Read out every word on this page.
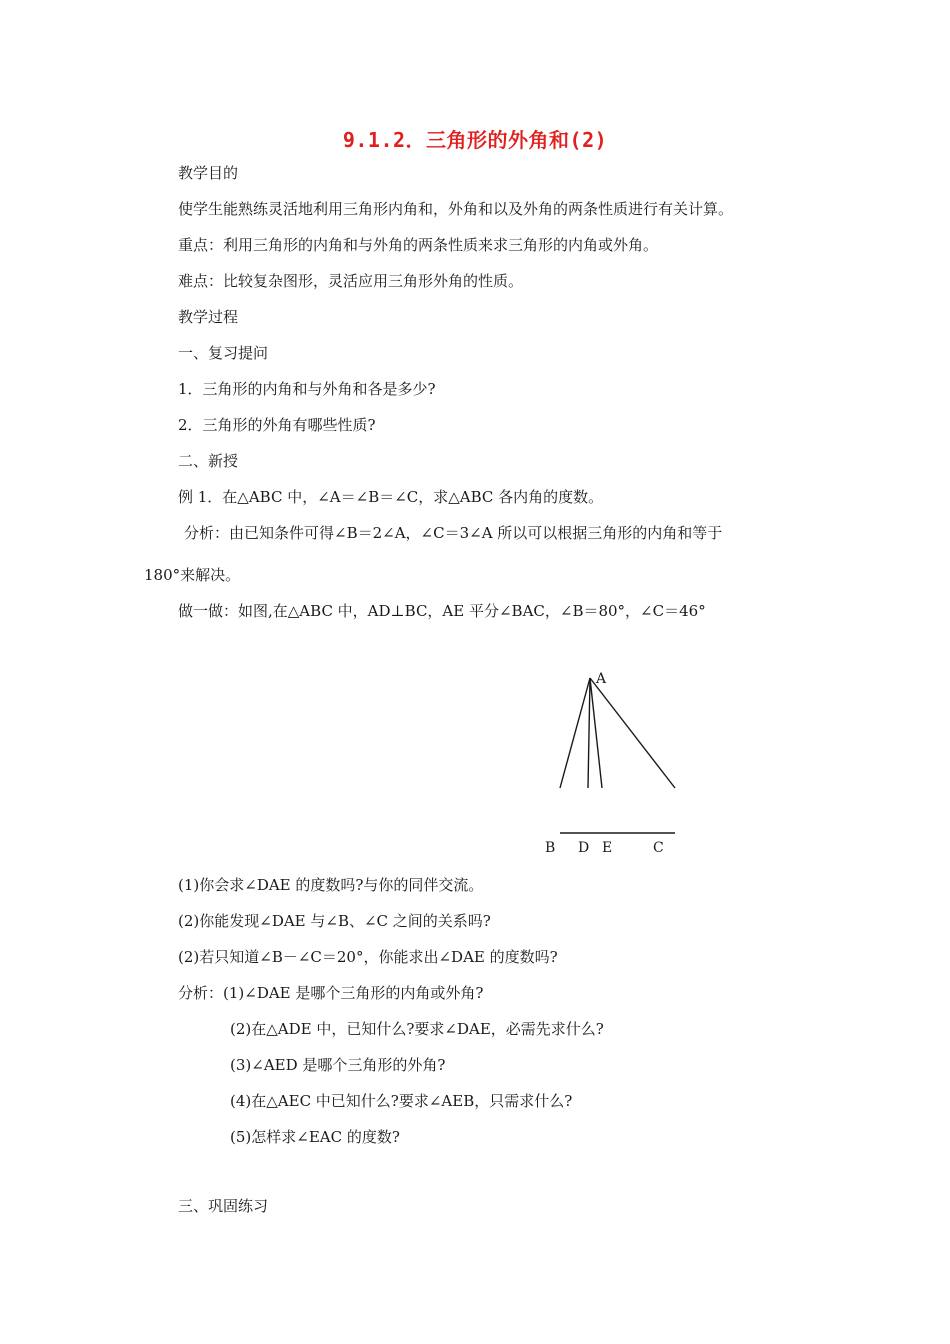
9.1.2．三角形的外角和(2)
教学目的
使学生能熟练灵活地利用三角形内角和，外角和以及外角的两条性质进行有关计算。
重点：利用三角形的内角和与外角的两条性质来求三角形的内角或外角。
难点：比较复杂图形，灵活应用三角形外角的性质。
教学过程
一、复习提问
1．三角形的内角和与外角和各是多少?
2．三角形的外角有哪些性质?
二、新授
例 1．在△ABC 中，∠A＝∠B＝∠C，求△ABC 各内角的度数。
分析：由已知条件可得∠B＝2∠A，∠C＝3∠A 所以可以根据三角形的内角和等于
180°来解决。
做一做：如图,在△ABC 中，AD⊥BC，AE 平分∠BAC，∠B＝80°，∠C＝46°
A
B D E	C
(1)你会求∠DAE 的度数吗?与你的同伴交流。
(2)你能发现∠DAE 与∠B、∠C 之间的关系吗?
(2)若只知道∠B－∠C＝20°，你能求出∠DAE 的度数吗?
分析：(1)∠DAE 是哪个三角形的内角或外角?
(2)在△ADE 中，已知什么?要求∠DAE，必需先求什么?
(3)∠AED 是哪个三角形的外角?
(4)在△AEC 中已知什么?要求∠AEB，只需求什么?
(5)怎样求∠EAC 的度数?
三、巩固练习
